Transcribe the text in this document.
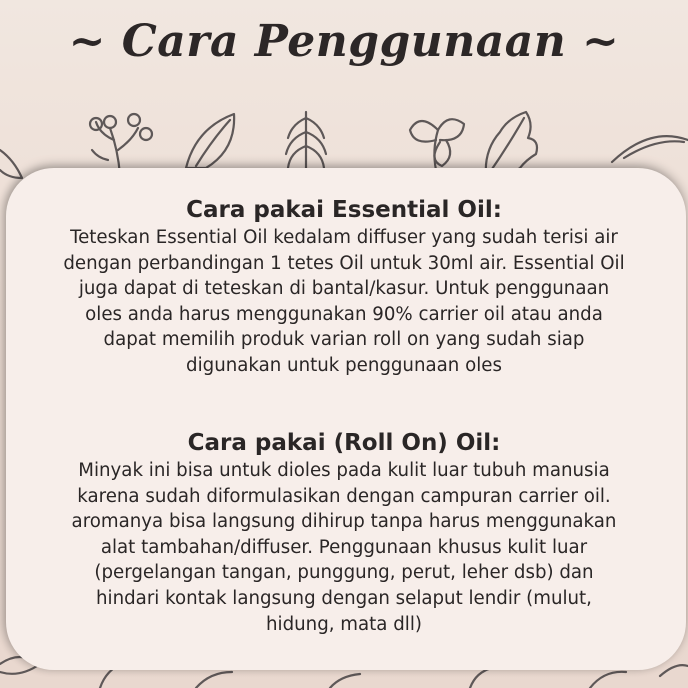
~ Cara Penggunaan ~
Cara pakai Essential Oil:

Teteskan Essential Oil kedalam diffuser yang sudah terisi air
dengan perbandingan 1 tetes Oil untuk 30ml air. Essential Oil
juga dapat di teteskan di bantal/kasur. Untuk penggunaan
oles anda harus menggunakan 90% carrier oil atau anda
dapat memilih produk varian roll on yang sudah siap
digunakan untuk penggunaan oles

Cara pakai (Roll On) Oil:

Minyak ini bisa untuk dioles pada kulit luar tubuh manusia
karena sudah diformulasikan dengan campuran carrier oil.
aromanya bisa langsung dihirup tanpa harus menggunakan
alat tambahan/diffuser. Penggunaan khusus kulit luar
(pergelangan tangan, punggung, perut, leher dsb) dan
hindari kontak langsung dengan selaput lendir (mulut,
hidung, mata dll)
